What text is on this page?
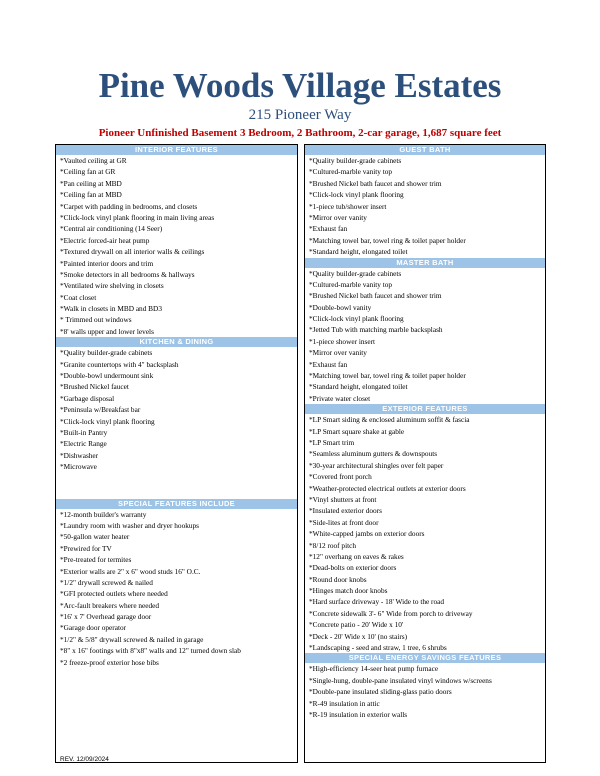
Pine Woods Village Estates
215 Pioneer Way
Pioneer Unfinished Basement 3 Bedroom, 2 Bathroom, 2-car garage, 1,687 square feet
INTERIOR FEATURES
*Vaulted ceiling at GR
*Ceiling fan at GR
*Pan ceiling at MBD
*Ceiling fan at MBD
*Carpet with padding in bedrooms, and closets
*Click-lock vinyl plank flooring in main living areas
*Central air conditioning (14 Seer)
*Electric forced-air heat pump
*Textured drywall on all interior walls & ceilings
*Painted interior doors and trim
*Smoke detectors in all bedrooms & hallways
*Ventilated wire shelving in closets
*Coat closet
*Walk in closets in MBD and BD3
* Trimmed out windows
*8' walls upper and lower levels
KITCHEN & DINING
*Quality builder-grade cabinets
*Granite countertops with 4" backsplash
*Double-bowl undermount sink
*Brushed Nickel faucet
*Garbage disposal
*Peninsula w/Breakfast bar
*Click-lock vinyl plank flooring
*Built-in Pantry
*Electric Range
*Dishwasher
*Microwave
SPECIAL FEATURES INCLUDE
*12-month builder's warranty
*Laundry room with washer and dryer hookups
*50-gallon water heater
*Prewired for TV
*Pre-treated for termites
*Exterior walls are 2" x 6" wood studs 16" O.C.
*1/2" drywall screwed & nailed
*GFI protected outlets where needed
*Arc-fault breakers where needed
*16' x 7' Overhead garage door
*Garage door operator
*1/2" & 5/8" drywall screwed & nailed in garage
*8" x 16" footings with 8"x8" walls and 12" turned down slab
*2 freeze-proof exterior hose bibs
GUEST BATH
*Quality builder-grade cabinets
*Cultured-marble vanity top
*Brushed Nickel bath faucet and shower trim
*Click-lock vinyl plank flooring
*1-piece tub/shower insert
*Mirror over vanity
*Exhaust fan
*Matching towel bar, towel ring & toilet paper holder
*Standard height, elongated toilet
MASTER BATH
*Quality builder-grade cabinets
*Cultured-marble vanity top
*Brushed Nickel bath faucet and shower trim
*Double-bowl vanity
*Click-lock vinyl plank flooring
*Jetted Tub with matching marble backsplash
*1-piece shower insert
*Mirror over vanity
*Exhaust fan
*Matching towel bar, towel ring & toilet paper holder
*Standard height, elongated toilet
*Private water closet
EXTERIOR FEATURES
*LP Smart siding & enclosed aluminum soffit & fascia
*LP Smart square shake at gable
*LP Smart trim
*Seamless aluminum gutters & downspouts
*30-year architectural shingles over felt paper
*Covered front porch
*Weather-protected electrical outlets at exterior doors
*Vinyl shutters at front
*Insulated exterior doors
*Side-lites at front door
*White-capped jambs on exterior doors
*8/12 roof pitch
*12" overhang on eaves & rakes
*Dead-bolts on exterior doors
*Round door knobs
*Hinges match door knobs
*Hard surface driveway - 18' Wide to the road
*Concrete sidewalk 3'- 6" Wide from porch to driveway
*Concrete patio - 20' Wide x 10'
*Deck - 20' Wide x 10' (no stairs)
*Landscaping - seed and straw, 1 tree, 6 shrubs
SPECIAL ENERGY SAVINGS FEATURES
*High-efficiency 14-seer heat pump furnace
*Single-hung, double-pane insulated vinyl windows w/screens
*Double-pane insulated sliding-glass patio doors
*R-49 insulation in attic
*R-19 insulation in exterior walls
REV. 12/09/2024
